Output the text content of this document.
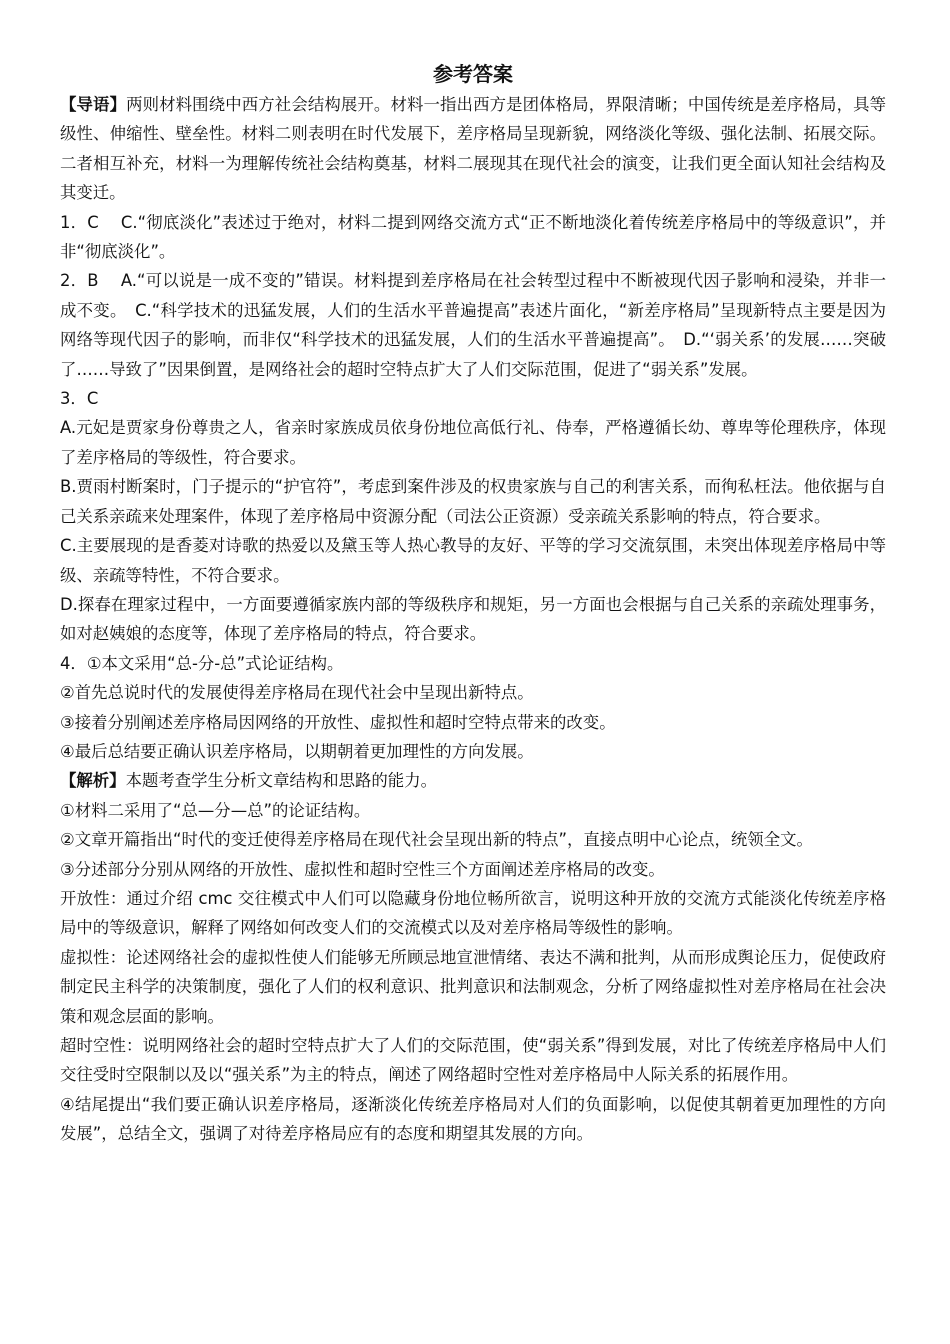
参考答案

【导语】两则材料围绕中西方社会结构展开。材料一指出西方是团体格局，界限清晰；中国传统是差序格局，具等级性、伸缩性、壁垒性。材料二则表明在时代发展下，差序格局呈现新貌，网络淡化等级、强化法制、拓展交际。二者相互补充，材料一为理解传统社会结构奠基，材料二展现其在现代社会的演变，让我们更全面认知社会结构及其变迁。

1．C　 C.“彻底淡化”表述过于绝对，材料二提到网络交流方式“正不断地淡化着传统差序格局中的等级意识”，并非“彻底淡化”。

2．B　 A.“可以说是一成不变的”错误。材料提到差序格局在社会转型过程中不断被现代因子影响和浸染，并非一成不变。　C.“科学技术的迅猛发展，人们的生活水平普遍提高”表述片面化，“新差序格局”呈现新特点主要是因为网络等现代因子的影响，而非仅“科学技术的迅猛发展，人们的生活水平普遍提高”。　D.“‘弱关系’的发展……突破了……导致了”因果倒置，是网络社会的超时空特点扩大了人们交际范围，促进了“弱关系”发展。

3．C

A.元妃是贾家身份尊贵之人，省亲时家族成员依身份地位高低行礼、侍奉，严格遵循长幼、尊卑等伦理秩序，体现了差序格局的等级性，符合要求。

B.贾雨村断案时，门子提示的“护官符”，考虑到案件涉及的权贵家族与自己的利害关系，而徇私枉法。他依据与自己关系亲疏来处理案件，体现了差序格局中资源分配（司法公正资源）受亲疏关系影响的特点，符合要求。

C.主要展现的是香菱对诗歌的热爱以及黛玉等人热心教导的友好、平等的学习交流氛围，未突出体现差序格局中等级、亲疏等特性，不符合要求。

D.探春在理家过程中，一方面要遵循家族内部的等级秩序和规矩，另一方面也会根据与自己关系的亲疏处理事务，如对赵姨娘的态度等，体现了差序格局的特点，符合要求。

4．①本文采用“总-分-总”式论证结构。

②首先总说时代的发展使得差序格局在现代社会中呈现出新特点。

③接着分别阐述差序格局因网络的开放性、虚拟性和超时空特点带来的改变。

④最后总结要正确认识差序格局，以期朝着更加理性的方向发展。

【解析】本题考查学生分析文章结构和思路的能力。

①材料二采用了“总—分—总”的论证结构。

②文章开篇指出“时代的变迁使得差序格局在现代社会呈现出新的特点”，直接点明中心论点，统领全文。

③分述部分分别从网络的开放性、虚拟性和超时空性三个方面阐述差序格局的改变。

开放性：通过介绍 cmc 交往模式中人们可以隐藏身份地位畅所欲言，说明这种开放的交流方式能淡化传统差序格局中的等级意识，解释了网络如何改变人们的交流模式以及对差序格局等级性的影响。

虚拟性：论述网络社会的虚拟性使人们能够无所顾忌地宣泄情绪、表达不满和批判，从而形成舆论压力，促使政府制定民主科学的决策制度，强化了人们的权利意识、批判意识和法制观念，分析了网络虚拟性对差序格局在社会决策和观念层面的影响。

超时空性：说明网络社会的超时空特点扩大了人们的交际范围，使“弱关系”得到发展，对比了传统差序格局中人们交往受时空限制以及以“强关系”为主的特点，阐述了网络超时空性对差序格局中人际关系的拓展作用。

④结尾提出“我们要正确认识差序格局，逐渐淡化传统差序格局对人们的负面影响，以促使其朝着更加理性的方向发展”，总结全文，强调了对待差序格局应有的态度和期望其发展的方向。
